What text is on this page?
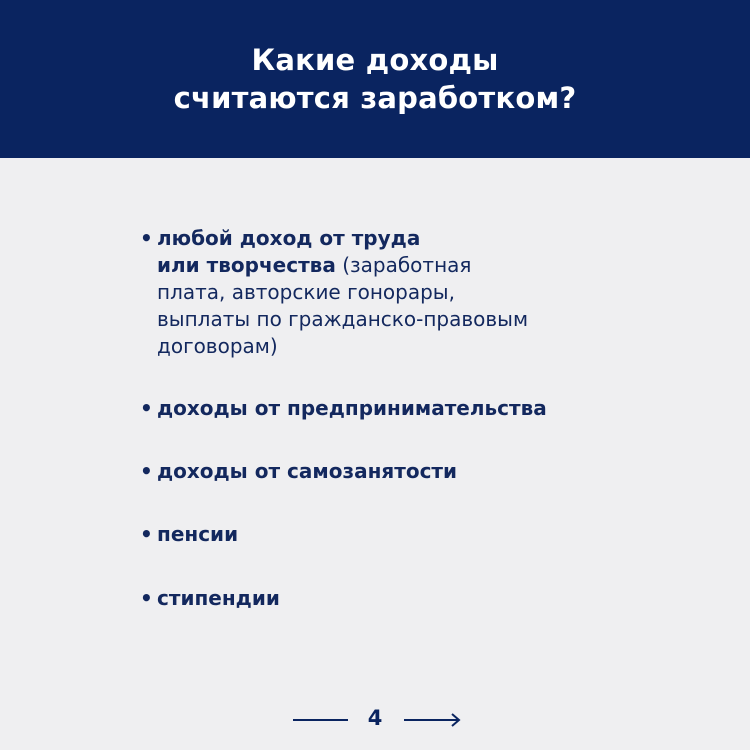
Какие доходы
считаются заработком?
• любой доход от труда
или творчества (заработная
плата, авторские гонорары,
выплаты по гражданско-правовым
договорам)
• доходы от предпринимательства
• доходы от самозанятости
• пенсии
• стипендии
4
